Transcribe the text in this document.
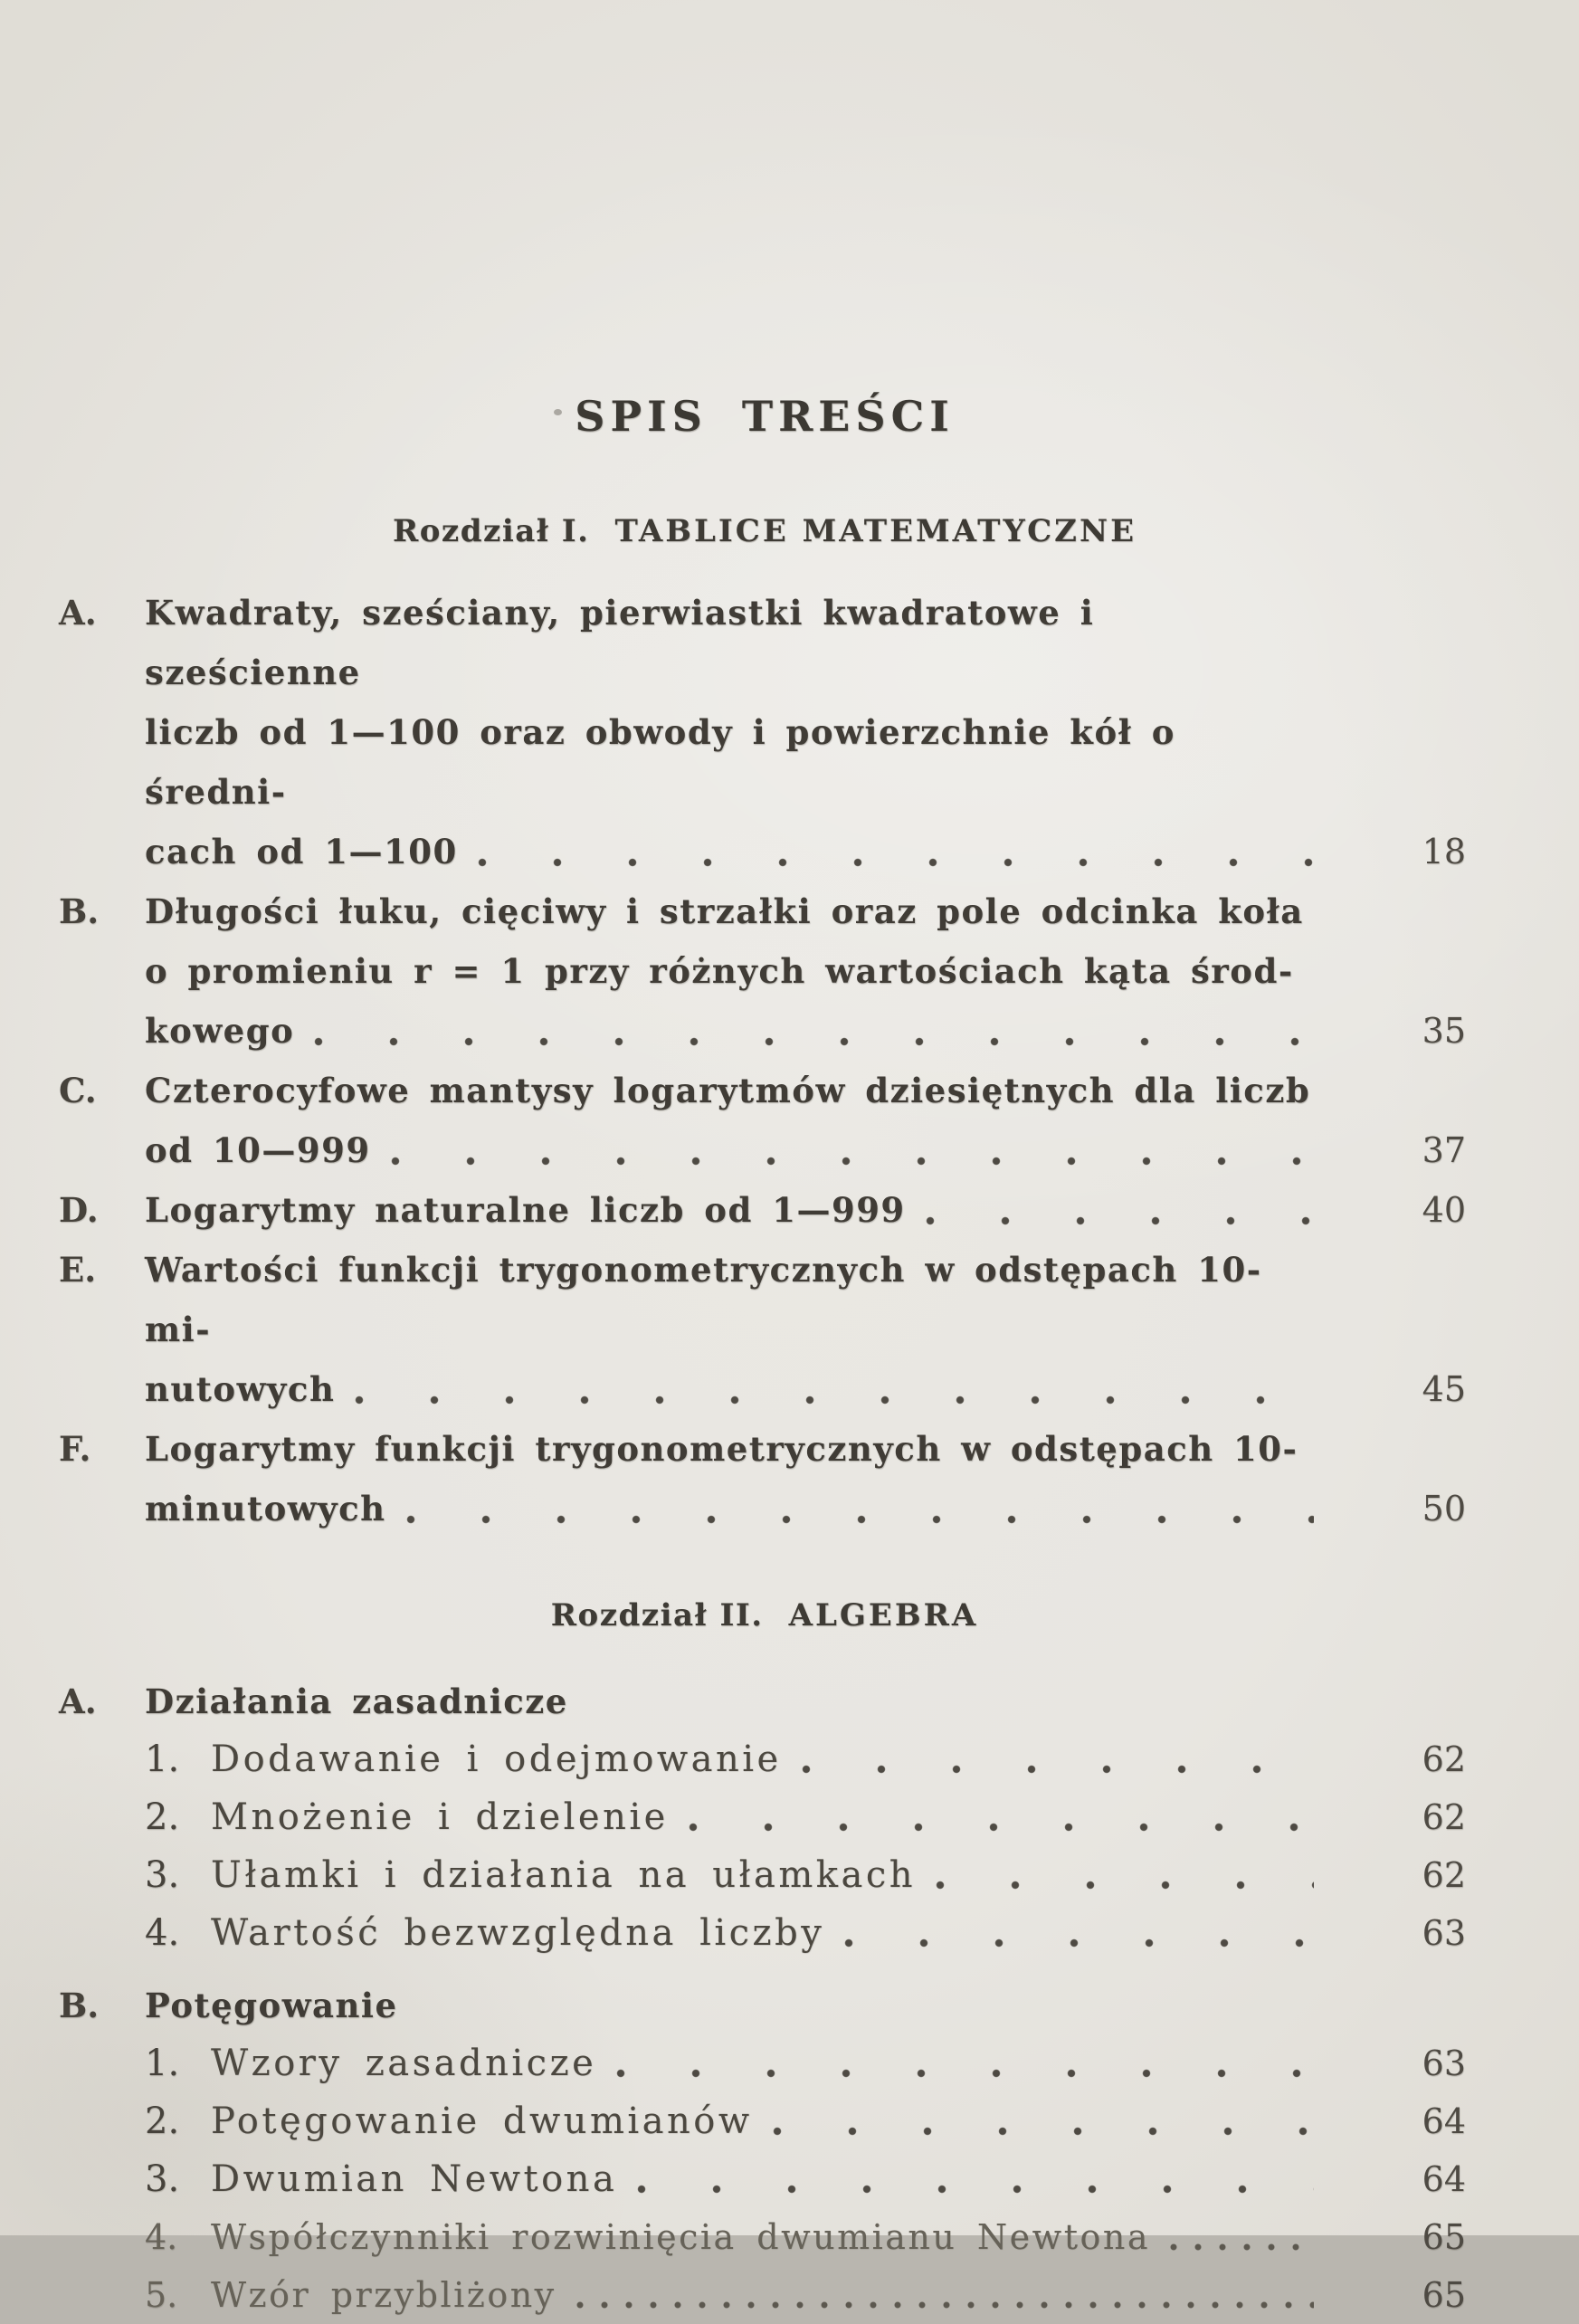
SPIS TREŚCI
Rozdział I. TABLICE MATEMATYCZNE
A.	Kwadraty, sześciany, pierwiastki kwadratowe i sześcienne
liczb od 1—100 oraz obwody i powierzchnie kół o średni-
cach od 1—100	18
B.	Długości łuku, cięciwy i strzałki oraz pole odcinka koła
o promieniu r = 1 przy różnych wartościach kąta środ-
kowego	35
C.	Czterocyfowe mantysy logarytmów dziesiętnych dla liczb
od 10—999	37
D.	Logarytmy naturalne liczb od 1—999	40
E.	Wartości funkcji trygonometrycznych w odstępach 10-mi-
nutowych	45
F.	Logarytmy funkcji trygonometrycznych w odstępach 10-
minutowych	50
Rozdział II. ALGEBRA
A.	Działania zasadnicze
1. Dodawanie i odejmowanie	62
2. Mnożenie i dzielenie	62
3. Ułamki i działania na ułamkach	62
4. Wartość bezwzględna liczby	63
B.	Potęgowanie
1. Wzory zasadnicze	63
2. Potęgowanie dwumianów	64
3. Dwumian Newtona	64
4. Współczynniki rozwinięcia dwumianu Newtona	65
5. Wzór przybliżony	65
